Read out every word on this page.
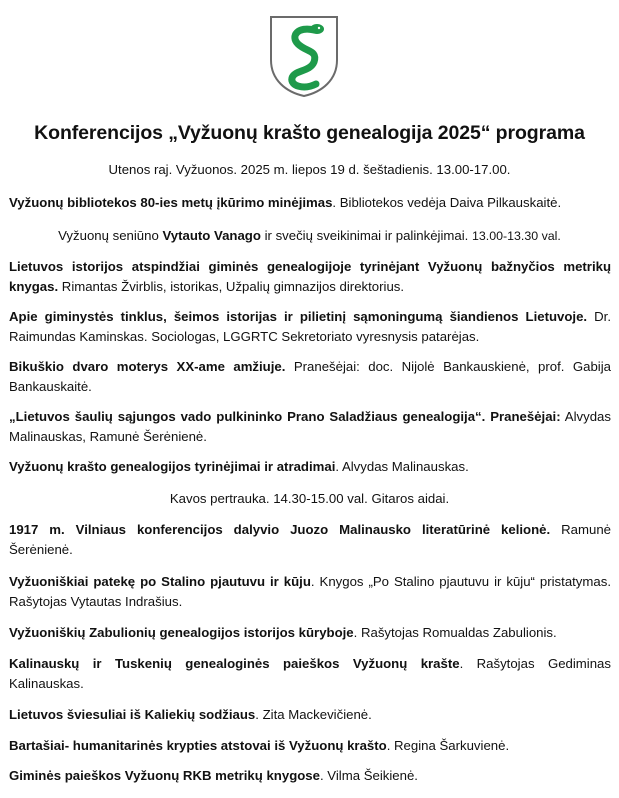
Konferencijos „Vyžuonų krašto genealogija 2025“ programa

Utenos raj. Vyžuonos. 2025 m. liepos 19 d. šeštadienis. 13.00-17.00.

Vyžuonų bibliotekos 80-ies metų įkūrimo minėjimas. Bibliotekos vedėja Daiva Pilkauskaitė.

Vyžuonų seniūno Vytauto Vanago ir svečių sveikinimai ir palinkėjimai. 13.00-13.30 val.

Lietuvos istorijos atspindžiai giminės genealogijoje tyrinėjant Vyžuonų bažnyčios metrikų knygas. Rimantas Žvirblis, istorikas, Užpalių gimnazijos direktorius.

Apie giminystės tinklus, šeimos istorijas ir pilietinį sąmoningumą šiandienos Lietuvoje. Dr. Raimundas Kaminskas. Sociologas, LGGRTC Sekretoriato vyresnysis patarėjas.

Bikuškio dvaro moterys XX-ame amžiuje. Pranešėjai: doc. Nijolė Bankauskienė, prof. Gabija Bankauskaitė.

„Lietuvos šaulių sąjungos vado pulkininko Prano Saladžiaus genealogija“. Pranešėjai: Alvydas Malinauskas, Ramunė Šerėnienė.

Vyžuonų krašto genealogijos tyrinėjimai ir atradimai. Alvydas Malinauskas.

Kavos pertrauka. 14.30-15.00 val. Gitaros aidai.

1917 m. Vilniaus konferencijos dalyvio Juozo Malinausko literatūrinė kelionė. Ramunė Šerėnienė.

Vyžuoniškiai patekę po Stalino pjautuvu ir kūju. Knygos „Po Stalino pjautuvu ir kūju“ pristatymas. Rašytojas Vytautas Indrašius.

Vyžuoniškių Zabulionių genealogijos istorijos kūryboje. Rašytojas Romualdas Zabulionis.

Kalinauskų ir Tuskenių genealoginės paieškos Vyžuonų krašte. Rašytojas Gediminas Kalinauskas.

Lietuvos šviesuliai iš Kaliekių sodžiaus. Zita Mackevičienė.

Bartašiai- humanitarinės krypties atstovai iš Vyžuonų krašto. Regina Šarkuvienė.

Giminės paieškos Vyžuonų RKB metrikų knygose. Vilma Šeikienė.
